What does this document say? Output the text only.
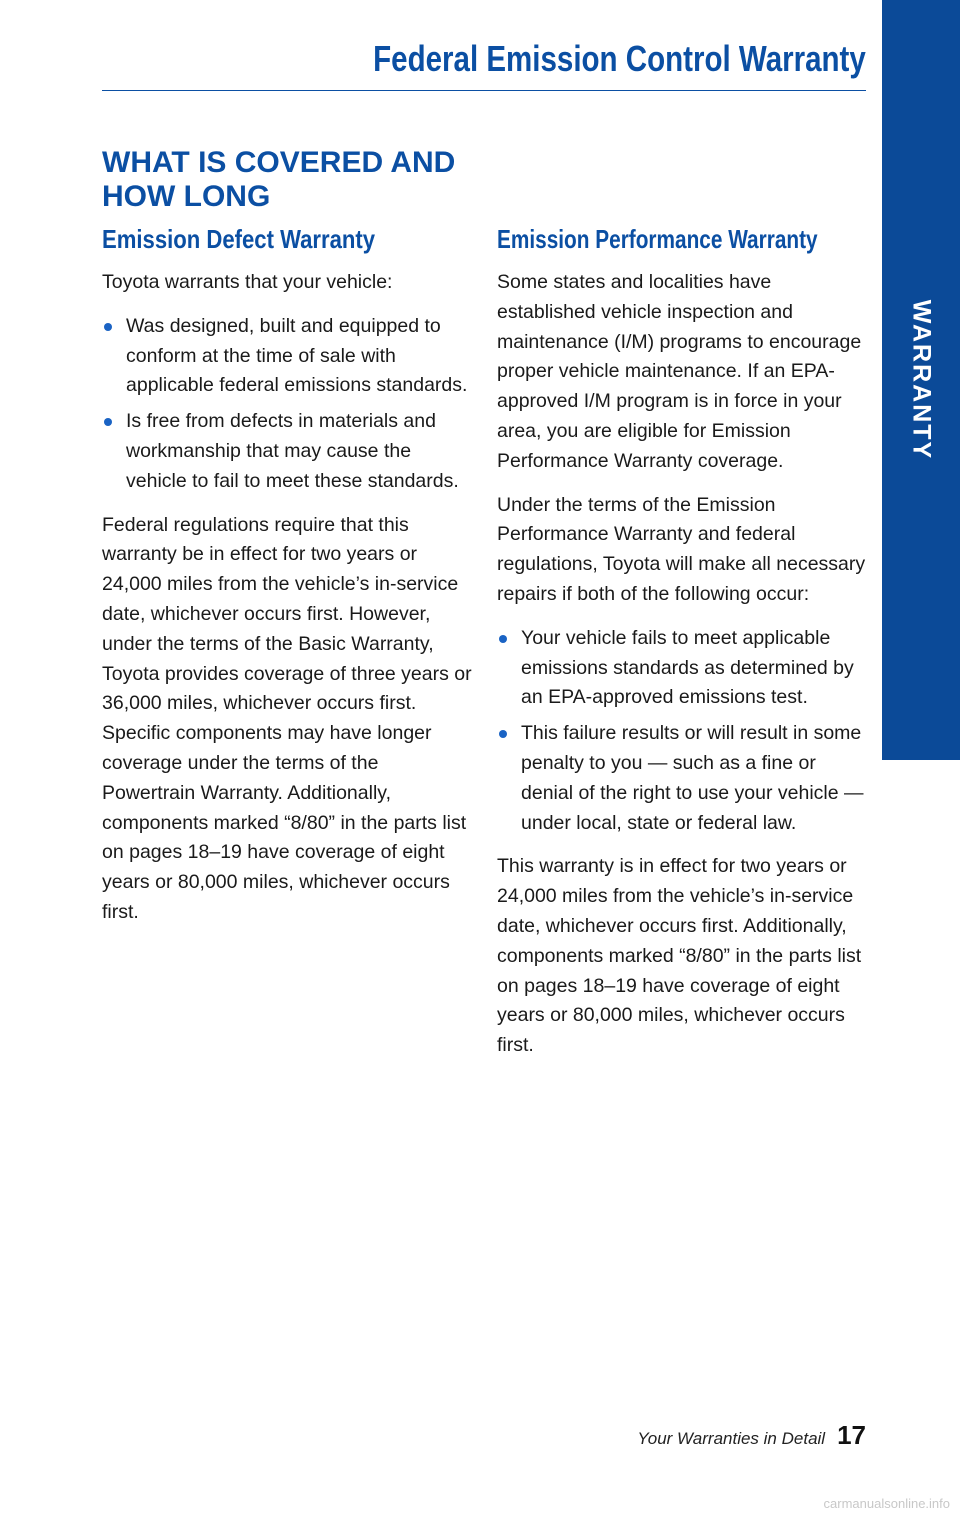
Federal Emission Control Warranty
WARRANTY
WHAT IS COVERED AND
HOW LONG
Emission Defect Warranty

Toyota warrants that your vehicle:

Was designed, built and equipped to conform at the time of sale with applicable federal emissions standards.
Is free from defects in materials and workmanship that may cause the vehicle to fail to meet these standards.

Federal regulations require that this warranty be in effect for two years or 24,000 miles from the vehicle’s in-service date, whichever occurs first. However, under the terms of the Basic Warranty, Toyota provides coverage of three years or 36,000 miles, whichever occurs first. Specific components may have longer coverage under the terms of the Powertrain Warranty. Additionally, components marked “8/80” in the parts list on pages 18–19 have coverage of eight years or 80,000 miles, whichever occurs first.

Emission Performance Warranty

Some states and localities have established vehicle inspection and maintenance (I/M) programs to encourage proper vehicle maintenance. If an EPA-approved I/M program is in force in your area, you are eligible for Emission Performance Warranty coverage.

Under the terms of the Emission Performance Warranty and federal regulations, Toyota will make all necessary repairs if both of the following occur:

Your vehicle fails to meet applicable emissions standards as determined by an EPA-approved emissions test.
This failure results or will result in some penalty to you — such as a fine or denial of the right to use your vehicle — under local, state or federal law.

This warranty is in effect for two years or 24,000 miles from the vehicle’s in-service date, whichever occurs first. Additionally, components marked “8/80” in the parts list on pages 18–19 have coverage of eight years or 80,000 miles, whichever occurs first.

Your Warranties in Detail 17
carmanualsonline.info
